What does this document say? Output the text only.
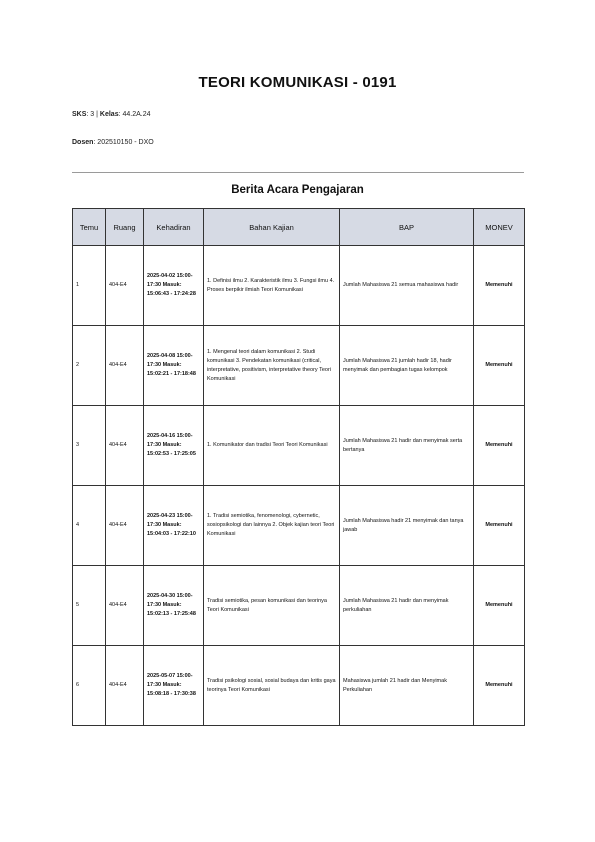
TEORI KOMUNIKASI - 0191
SKS: 3 | Kelas: 44.2A.24
Dosen: 202510150 - DXO
Berita Acara Pengajaran
Temu	Ruang	Kehadiran	Bahan Kajian	BAP	MONEV
1	404-E4	2025-04-02 15:00-17:30 Masuk: 15:06:43 - 17:24:28	1. Definisi ilmu 2. Karakteristik ilmu 3. Fungsi ilmu 4. Proses berpikir ilmiah Teori Komunikasi	Jumlah Mahasiswa 21 semua mahasiswa hadir	Memenuhi
2	404-E4	2025-04-08 15:00-17:30 Masuk: 15:02:21 - 17:18:48	1. Mengenal teori dalam komunikasi 2. Studi komunikasi 3. Pendekatan komunikasi (critical, interpretative, positivism, interpretative theory Teori Komunikasi	Jumlah Mahasiswa 21 jumlah hadir 18, hadir menyimak dan pembagian tugas kelompok	Memenuhi
3	404-E4	2025-04-16 15:00-17:30 Masuk: 15:02:53 - 17:25:05	1. Komunikator dan tradisi Teori Teori Komunikasi	Jumlah Mahasiswa 21 hadir dan menyimak serta bertanya	Memenuhi
4	404-E4	2025-04-23 15:00-17:30 Masuk: 15:04:03 - 17:22:10	1. Tradisi semiotika, fenomenologi, cybernetic, sosiopsikologi dan lainnya 2. Objek kajian teori Teori Komunikasi	Jumlah Mahasiswa hadir 21 menyimak dan tanya jawab	Memenuhi
5	404-E4	2025-04-30 15:00-17:30 Masuk: 15:02:13 - 17:25:48	Tradisi semiotika, pesan komunikasi dan teorinya Teori Komunikasi	Jumlah Mahasiswa 21 hadir dan menyimak perkuliahan	Memenuhi
6	404-E4	2025-05-07 15:00-17:30 Masuk: 15:08:18 - 17:30:38	Tradisi psikologi sosial, sosial budaya dan kritis gaya teorinya Teori Komunikasi	Mahasiswa jumlah 21 hadir dan Menyimak Perkuliahan	Memenuhi
